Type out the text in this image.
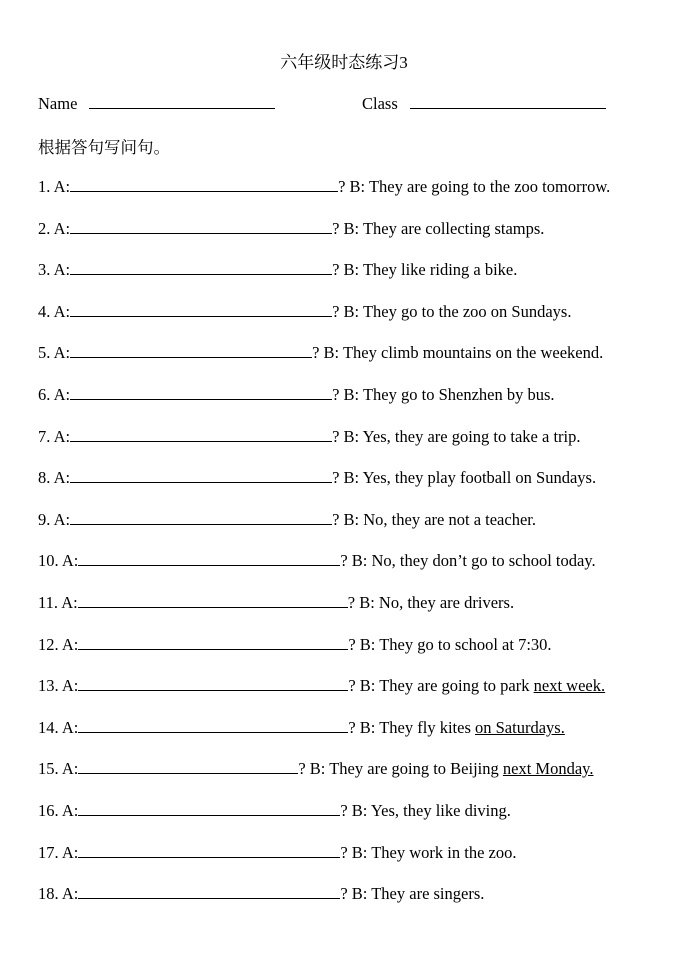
六年级时态练习3
Name	Class
根据答句写问句。
1. A:	? B: They are going to the zoo tomorrow.
2. A:	? B: They are collecting stamps.
3. A:	? B: They like riding a bike.
4. A:	? B: They go to the zoo on Sundays.
5. A:	? B: They climb mountains on the weekend.
6. A:	? B: They go to Shenzhen by bus.
7. A:	? B: Yes, they are going to take a trip.
8. A:	? B: Yes, they play football on Sundays.
9. A:	? B: No, they are not a teacher.
10. A:	? B: No, they don’t go to school today.
11. A:	? B: No, they are drivers.
12. A:	? B: They go to school at 7:30.
13. A:	? B: They are going to park next week.
14. A:	? B: They fly kites on Saturdays.
15. A:	? B: They are going to Beijing next Monday.
16. A:	? B: Yes, they like diving.
17. A:	? B: They work in the zoo.
18. A:	? B: They are singers.
